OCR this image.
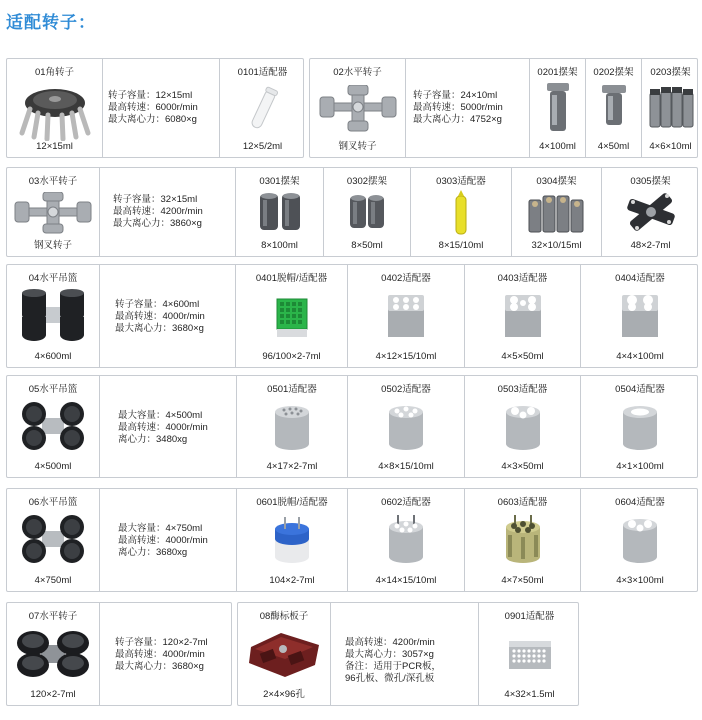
适配转子：
01角转子
12×15ml
转子容量：12×15ml
最高转速：6000r/min
最大离心力：6080×g
0101适配器
12×5/2ml
02水平转子
钢叉转子
转子容量：24×10ml
最高转速：5000r/min
最大离心力：4752×g
0201摆架
4×100ml
0202摆架
4×50ml
0203摆架
4×6×10ml
03水平转子
钢叉转子
转子容量：32×15ml
最高转速：4200r/min
最大离心力：3860×g
0301摆架
8×100ml
0302摆架
8×50ml
0303适配器
8×15/10ml
0304摆架
32×10/15ml
0305摆架
48×2-7ml
04水平吊篮
4×600ml
转子容量：4×600ml
最高转速：4000r/min
最大离心力：3680×g
0401脱帽/适配器
96/100×2-7ml
0402适配器
4×12×15/10ml
0403适配器
4×5×50ml
0404适配器
4×4×100ml
05水平吊篮
4×500ml
最大容量：4×500ml
最高转速：4000r/min
离心力：3480xg
0501适配器
4×17×2-7ml
0502适配器
4×8×15/10ml
0503适配器
4×3×50ml
0504适配器
4×1×100ml
06水平吊篮
4×750ml
最大容量：4×750ml
最高转速：4000r/min
离心力：3680xg
0601脱帽/适配器
104×2-7ml
0602适配器
4×14×15/10ml
0603适配器
4×7×50ml
0604适配器
4×3×100ml
07水平转子
120×2-7ml
转子容量：120×2-7ml
最高转速：4000r/min
最大离心力：3680×g
08酶标板子
2×4×96孔
最高转速：4200r/min
最大离心力：3057×g
备注：适用于PCR板，
96孔板、微孔/深孔板
0901适配器
4×32×1.5ml
